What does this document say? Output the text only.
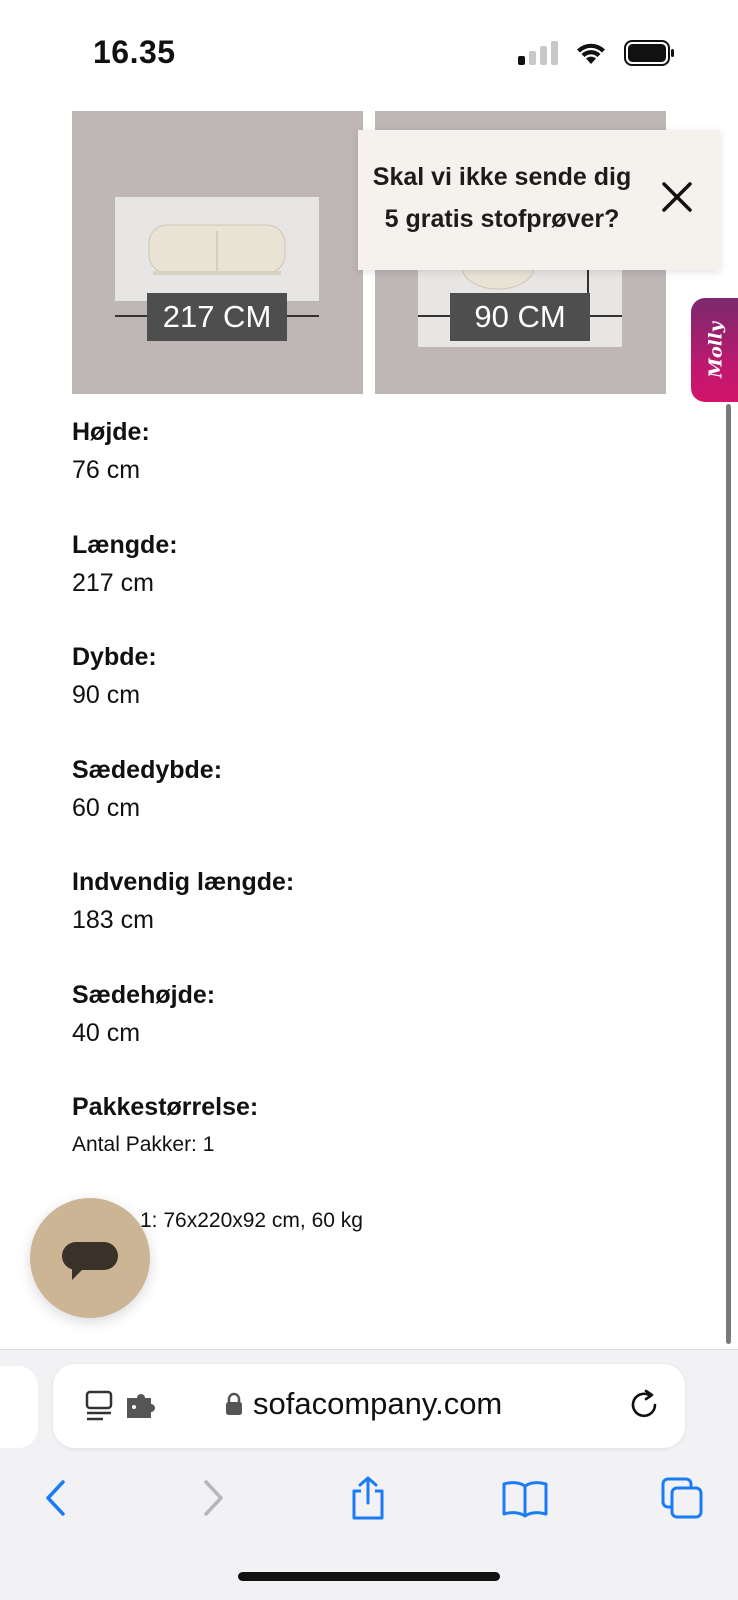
16.35
217 CM	90 CM
Skal vi ikke sende dig
5 gratis stofprøver?
Molly
Højde:
76 cm
Længde:
217 cm
Dybde:
90 cm
Sædedybde:
60 cm
Indvendig længde:
183 cm
Sædehøjde:
40 cm
Pakkestørrelse:
Antal Pakker: 1
1: 76x220x92 cm, 60 kg
sofacompany.com
